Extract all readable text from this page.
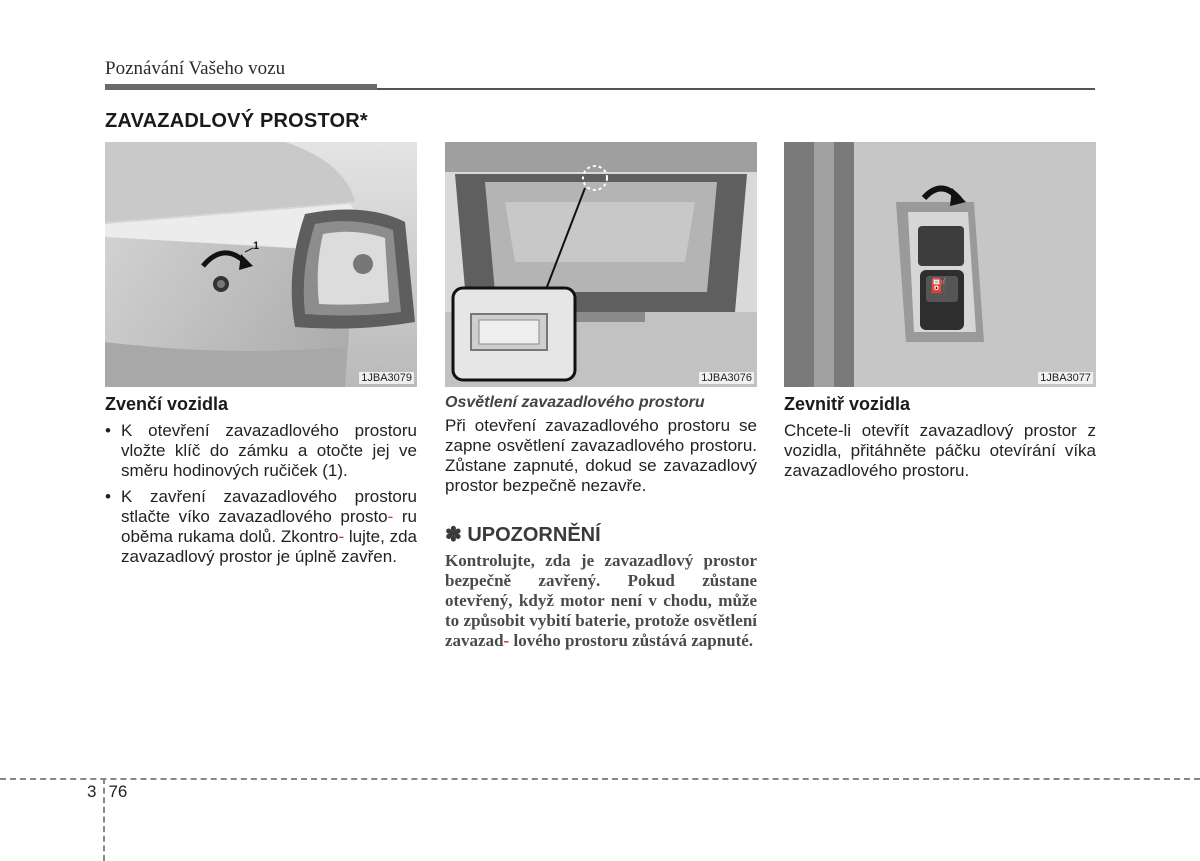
Poznávání Vašeho vozu
ZAVAZADLOVÝ PROSTOR*
1
1JBA3079	1JBA3076
⛽
1JBA3077
Zvenčí vozidla
• K otevření zavazadlového prostoru vložte klíč do zámku a otočte jej ve směru hodinových ručiček (1).
• K zavření zavazadlového prostoru stlačte víko zavazadlového prosto- ru oběma rukama dolů. Zkontro- lujte, zda zavazadlový prostor je úplně zavřen.
Osvětlení zavazadlového prostoru

Při otevření zavazadlového prostoru se zapne osvětlení zavazadlového prostoru. Zůstane zapnuté, dokud se zavazadlový prostor bezpečně nezavře.

✽ UPOZORNĚNÍ

Kontrolujte, zda je zavazadlový prostor bezpečně zavřený. Pokud zůstane otevřený, když motor není v chodu, může to způsobit vybití baterie, protože osvětlení zavazad- lového prostoru zůstává zapnuté.

Zevnitř vozidla

Chcete-li otevřít zavazadlový prostor z vozidla, přitáhněte páčku otevírání víka zavazadlového prostoru.

3 76
